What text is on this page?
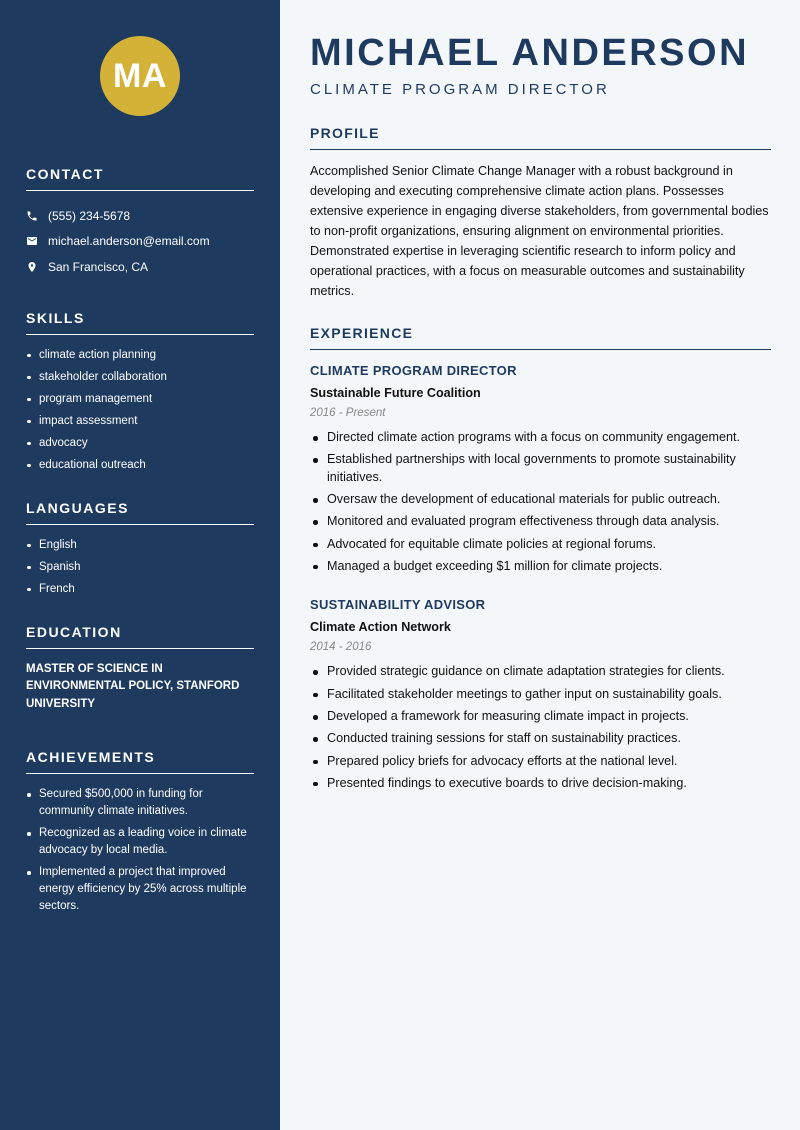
MA
CONTACT
(555) 234-5678
michael.anderson@email.com
San Francisco, CA
SKILLS
climate action planning
stakeholder collaboration
program management
impact assessment
advocacy
educational outreach
LANGUAGES
English
Spanish
French
EDUCATION
MASTER OF SCIENCE IN ENVIRONMENTAL POLICY, STANFORD UNIVERSITY
ACHIEVEMENTS
Secured $500,000 in funding for community climate initiatives.
Recognized as a leading voice in climate advocacy by local media.
Implemented a project that improved energy efficiency by 25% across multiple sectors.
MICHAEL ANDERSON
CLIMATE PROGRAM DIRECTOR
PROFILE

Accomplished Senior Climate Change Manager with a robust background in developing and executing comprehensive climate action plans. Possesses extensive experience in engaging diverse stakeholders, from governmental bodies to non-profit organizations, ensuring alignment on environmental priorities. Demonstrated expertise in leveraging scientific research to inform policy and operational practices, with a focus on measurable outcomes and sustainability metrics.

EXPERIENCE
CLIMATE PROGRAM DIRECTOR
Sustainable Future Coalition
2016 - Present
Directed climate action programs with a focus on community engagement.
Established partnerships with local governments to promote sustainability initiatives.
Oversaw the development of educational materials for public outreach.
Monitored and evaluated program effectiveness through data analysis.
Advocated for equitable climate policies at regional forums.
Managed a budget exceeding $1 million for climate projects.
SUSTAINABILITY ADVISOR
Climate Action Network
2014 - 2016
Provided strategic guidance on climate adaptation strategies for clients.
Facilitated stakeholder meetings to gather input on sustainability goals.
Developed a framework for measuring climate impact in projects.
Conducted training sessions for staff on sustainability practices.
Prepared policy briefs for advocacy efforts at the national level.
Presented findings to executive boards to drive decision-making.
